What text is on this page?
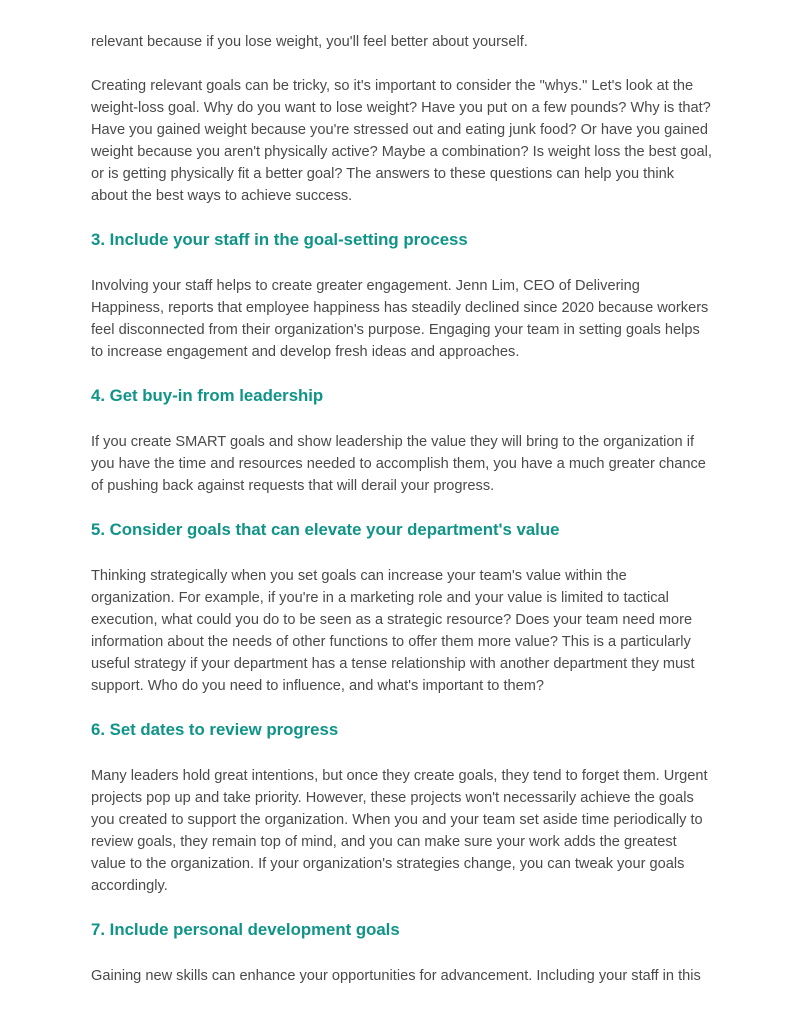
relevant because if you lose weight, you'll feel better about yourself.

Creating relevant goals can be tricky, so it's important to consider the "whys." Let's look at the weight-loss goal. Why do you want to lose weight? Have you put on a few pounds? Why is that? Have you gained weight because you're stressed out and eating junk food? Or have you gained weight because you aren't physically active? Maybe a combination? Is weight loss the best goal, or is getting physically fit a better goal? The answers to these questions can help you think about the best ways to achieve success.

3. Include your staff in the goal-setting process

Involving your staff helps to create greater engagement. Jenn Lim, CEO of Delivering Happiness, reports that employee happiness has steadily declined since 2020 because workers feel disconnected from their organization's purpose. Engaging your team in setting goals helps to increase engagement and develop fresh ideas and approaches.

4. Get buy-in from leadership

If you create SMART goals and show leadership the value they will bring to the organization if you have the time and resources needed to accomplish them, you have a much greater chance of pushing back against requests that will derail your progress.

5. Consider goals that can elevate your department's value

Thinking strategically when you set goals can increase your team's value within the organization. For example, if you're in a marketing role and your value is limited to tactical execution, what could you do to be seen as a strategic resource? Does your team need more information about the needs of other functions to offer them more value? This is a particularly useful strategy if your department has a tense relationship with another department they must support. Who do you need to influence, and what's important to them?

6. Set dates to review progress

Many leaders hold great intentions, but once they create goals, they tend to forget them. Urgent projects pop up and take priority. However, these projects won't necessarily achieve the goals you created to support the organization. When you and your team set aside time periodically to review goals, they remain top of mind, and you can make sure your work adds the greatest value to the organization. If your organization's strategies change, you can tweak your goals accordingly.

7. Include personal development goals

Gaining new skills can enhance your opportunities for advancement. Including your staff in this
